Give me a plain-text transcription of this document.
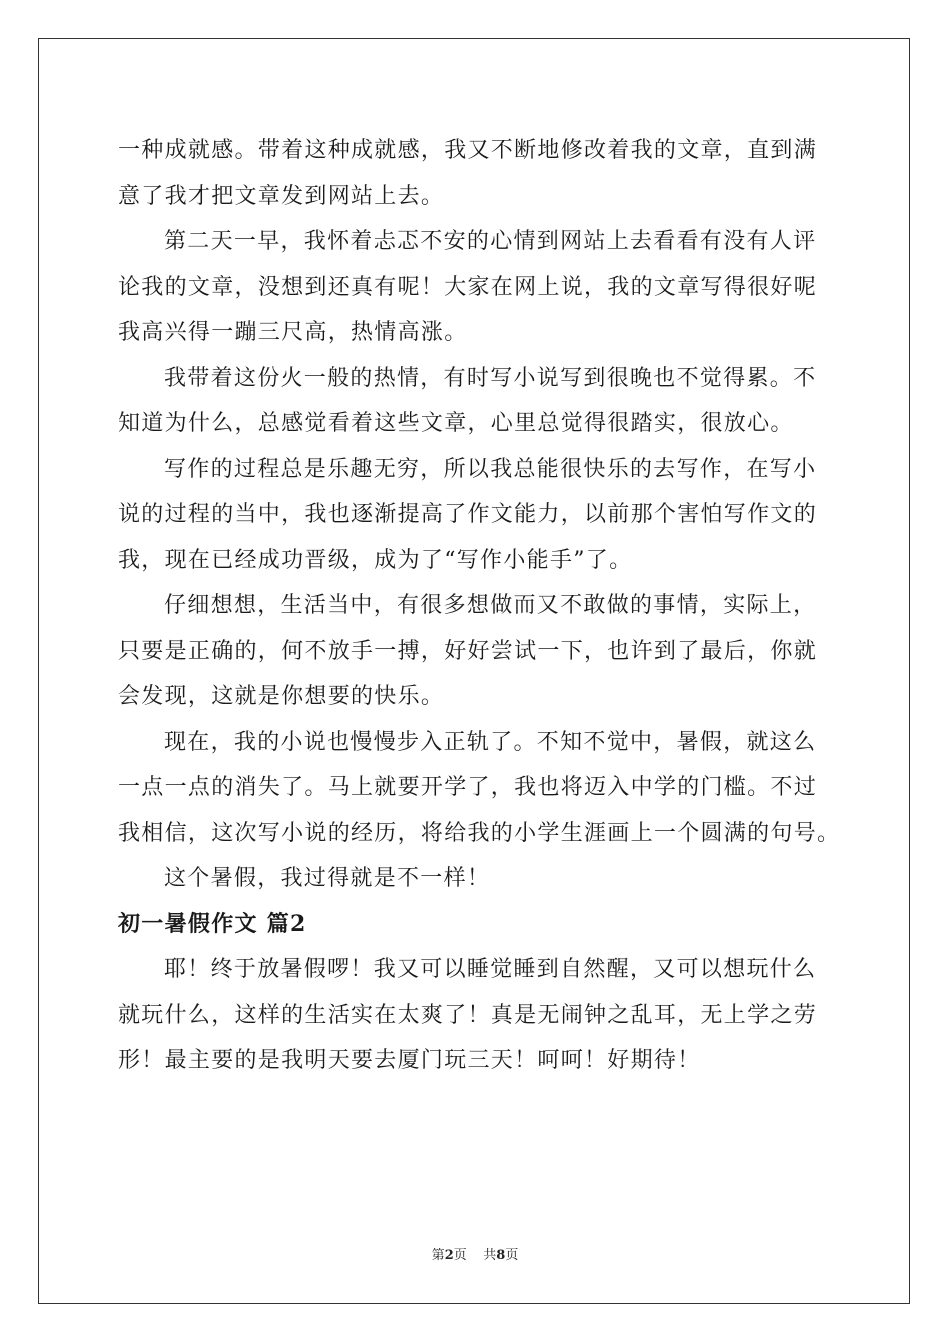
一种成就感。带着这种成就感，我又不断地修改着我的文章，直到满
意了我才把文章发到网站上去。

第二天一早，我怀着忐忑不安的心情到网站上去看看有没有人评
论我的文章，没想到还真有呢！大家在网上说，我的文章写得很好呢
我高兴得一蹦三尺高，热情高涨。

我带着这份火一般的热情，有时写小说写到很晚也不觉得累。不
知道为什么，总感觉看着这些文章，心里总觉得很踏实，很放心。

写作的过程总是乐趣无穷，所以我总能很快乐的去写作，在写小
说的过程的当中，我也逐渐提高了作文能力，以前那个害怕写作文的
我，现在已经成功晋级，成为了“写作小能手”了。

仔细想想，生活当中，有很多想做而又不敢做的事情，实际上，
只要是正确的，何不放手一搏，好好尝试一下，也许到了最后，你就
会发现，这就是你想要的快乐。

现在，我的小说也慢慢步入正轨了。不知不觉中，暑假，就这么
一点一点的消失了。马上就要开学了，我也将迈入中学的门槛。不过
我相信，这次写小说的经历，将给我的小学生涯画上一个圆满的句号。

这个暑假，我过得就是不一样！

初一暑假作文 篇2

耶！终于放暑假啰！我又可以睡觉睡到自然醒，又可以想玩什么
就玩什么，这样的生活实在太爽了！真是无闹钟之乱耳，无上学之劳
形！最主要的是我明天要去厦门玩三天！呵呵！好期待！

第2页    共8页
